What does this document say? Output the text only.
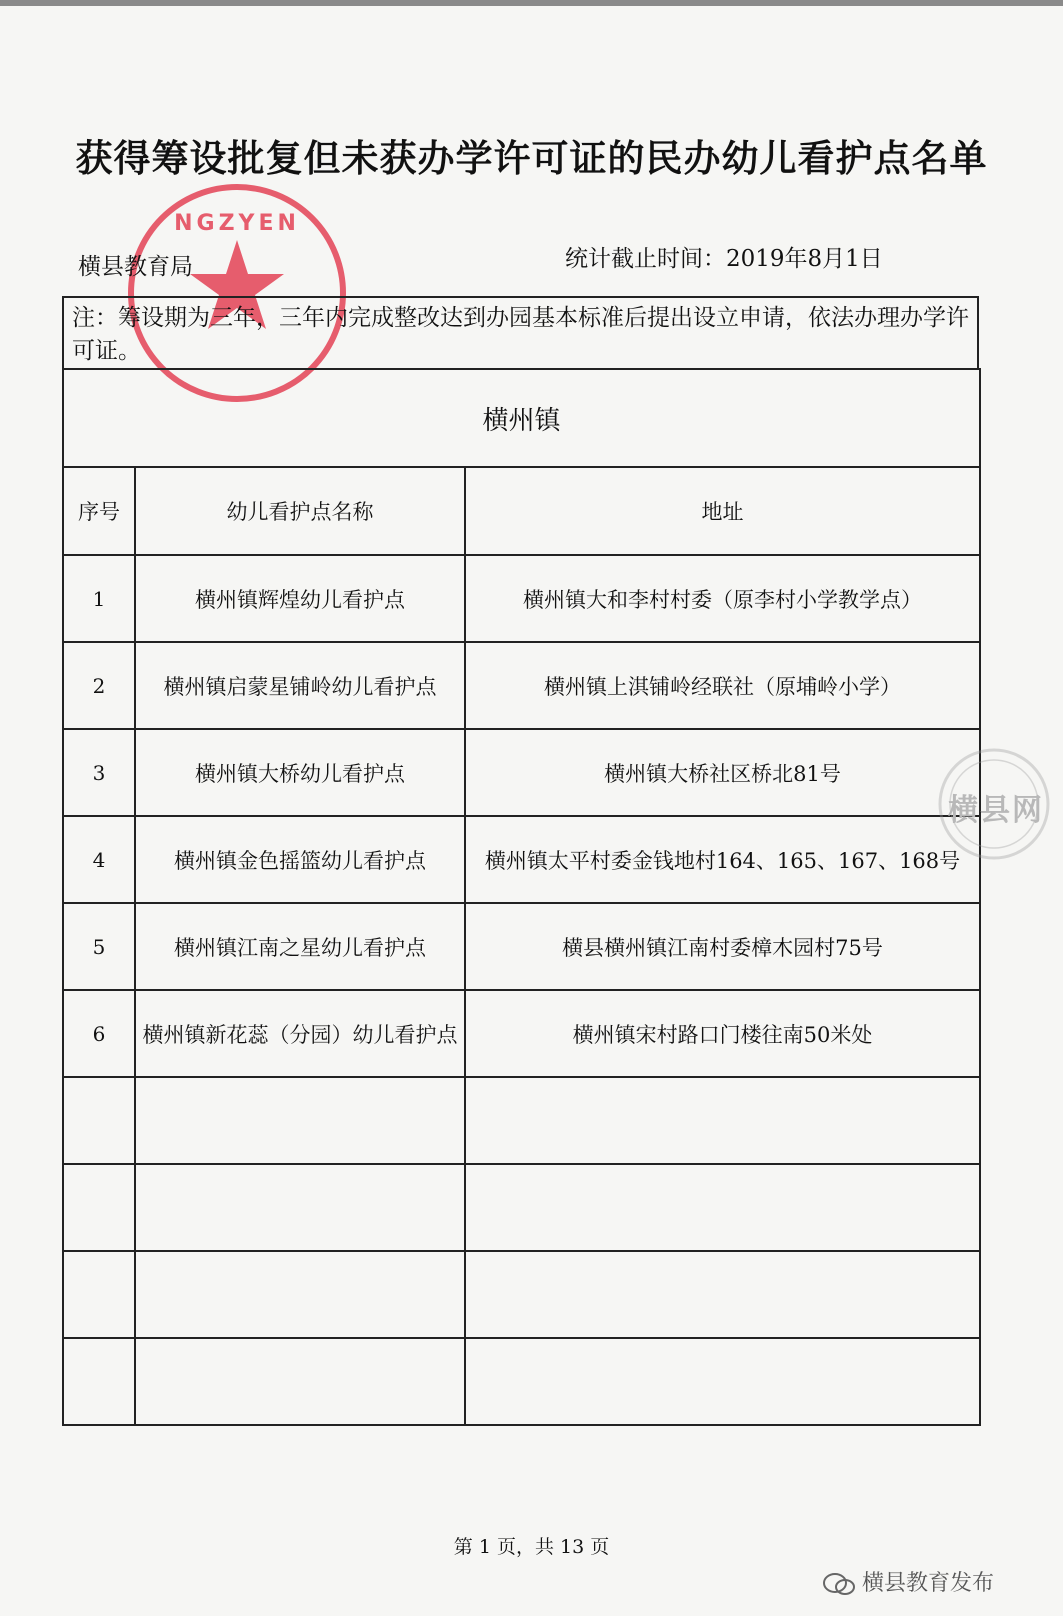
获得筹设批复但未获办学许可证的民办幼儿看护点名单
NGZYEN
横县教育局	统计截止时间：2019年8月1日
注：筹设期为三年，三年内完成整改达到办园基本标准后提出设立申请，依法办理办学许可证。
横州镇		
序号	幼儿看护点名称	地址
1	横州镇辉煌幼儿看护点	横州镇大和李村村委（原李村小学教学点）
2	横州镇启蒙星铺岭幼儿看护点	横州镇上淇铺岭经联社（原埔岭小学）
3	横州镇大桥幼儿看护点	横州镇大桥社区桥北81号
4	横州镇金色摇篮幼儿看护点	横州镇太平村委金钱地村164、165、167、168号
5	横州镇江南之星幼儿看护点	横县横州镇江南村委樟木园村75号
6	横州镇新花蕊（分园）幼儿看护点	横州镇宋村路口门楼往南50米处

横县网
第 1 页，共 13 页
横县教育发布
